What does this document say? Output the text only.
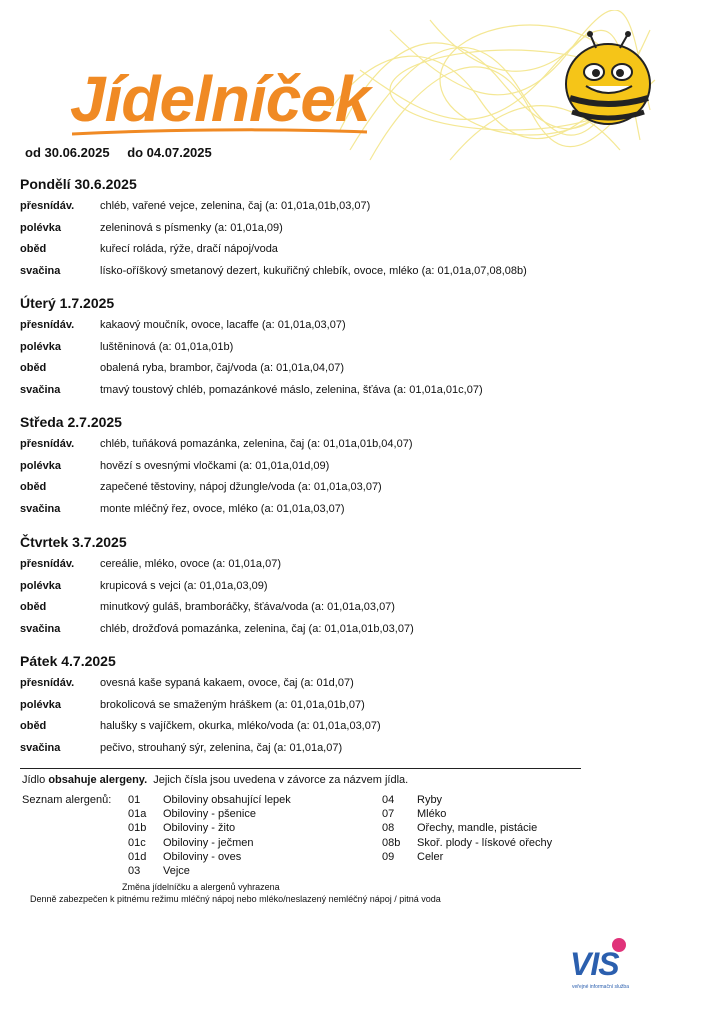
Jídelníček
od 30.06.2025 do 04.07.2025
Pondělí 30.6.2025
přesnídáv.	chléb, vařené vejce, zelenina, čaj (a: 01,01a,01b,03,07)
polévka	zeleninová s písmenky (a: 01,01a,09)
oběd	kuřecí roláda, rýže, dračí nápoj/voda
svačina	lísko-oříškový smetanový dezert, kukuřičný chlebík, ovoce, mléko (a: 01,01a,07,08,08b)
Úterý 1.7.2025
přesnídáv.	kakaový moučník, ovoce, lacaffe (a: 01,01a,03,07)
polévka	luštěninová (a: 01,01a,01b)
oběd	obalená ryba, brambor, čaj/voda (a: 01,01a,04,07)
svačina	tmavý toustový chléb, pomazánkové máslo, zelenina, šťáva (a: 01,01a,01c,07)
Středa 2.7.2025
přesnídáv.	chléb, tuňáková pomazánka, zelenina, čaj (a: 01,01a,01b,04,07)
polévka	hovězí s ovesnými vločkami (a: 01,01a,01d,09)
oběd	zapečené těstoviny, nápoj džungle/voda (a: 01,01a,03,07)
svačina	monte mléčný řez, ovoce, mléko (a: 01,01a,03,07)
Čtvrtek 3.7.2025
přesnídáv.	cereálie, mléko, ovoce (a: 01,01a,07)
polévka	krupicová s vejci (a: 01,01a,03,09)
oběd	minutkový guláš, bramboráčky, šťáva/voda (a: 01,01a,03,07)
svačina	chléb, drožďová pomazánka, zelenina, čaj (a: 01,01a,01b,03,07)
Pátek 4.7.2025
přesnídáv.	ovesná kaše sypaná kakaem, ovoce, čaj (a: 01d,07)
polévka	brokolicová se smaženým hráškem (a: 01,01a,01b,07)
oběd	halušky s vajíčkem, okurka, mléko/voda (a: 01,01a,03,07)
svačina	pečivo, strouhaný sýr, zelenina, čaj (a: 01,01a,07)
Jídlo obsahuje alergeny. Jejich čísla jsou uvedena v závorce za názvem jídla.
Seznam alergenů: 01	Obiloviny obsahující lepek
01a	Obiloviny - pšenice
01b	Obiloviny - žito
01c	Obiloviny - ječmen
01d	Obiloviny - oves
03	Vejce
04	Ryby
07	Mléko
08	Ořechy, mandle, pistácie
08b	Skoř. plody - lískové ořechy
09	Celer
Změna jídelníčku a alergenů vyhrazena
Denně zabezpečen k pitnému režimu mléčný nápoj nebo mléko/neslazený nemléčný nápoj / pitná voda
VIS
veřejné informační služba
